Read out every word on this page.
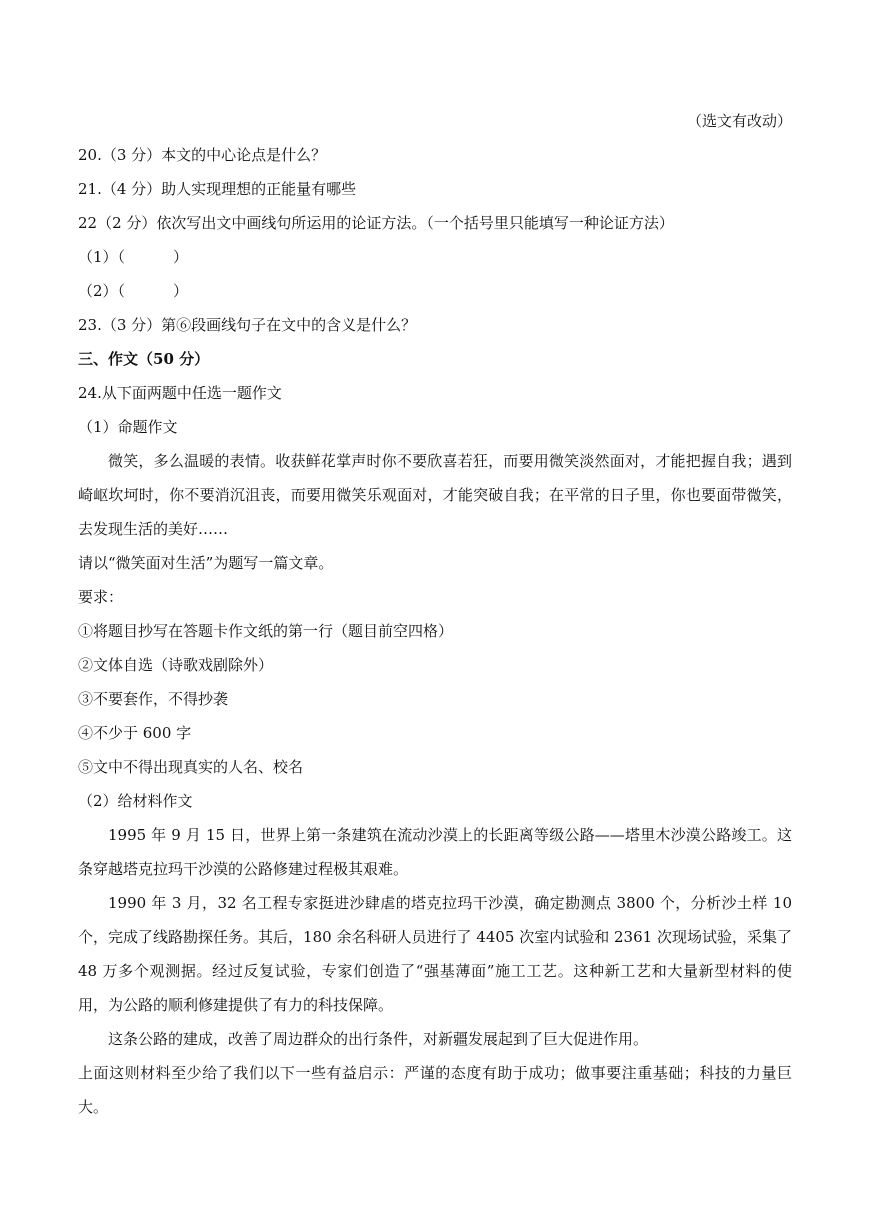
（选文有改动）
20.（3 分）本文的中心论点是什么？
21.（4 分）助人实现理想的正能量有哪些
22（2 分）依次写出文中画线句所运用的论证方法。（一个括号里只能填写一种论证方法）
（1）（	）
（2）（	）
23.（3 分）第⑥段画线句子在文中的含义是什么？
三、作文（50 分）
24.从下面两题中任选一题作文
（1）命题作文

微笑，多么温暖的表情。收获鲜花掌声时你不要欣喜若狂，而要用微笑淡然面对，才能把握自我；遇到崎岖坎坷时，你不要消沉沮丧，而要用微笑乐观面对，才能突破自我；在平常的日子里，你也要面带微笑，去发现生活的美好……

请以“微笑面对生活”为题写一篇文章。
要求：
①将题目抄写在答题卡作文纸的第一行（题目前空四格）
②文体自选（诗歌戏剧除外）
③不要套作，不得抄袭
④不少于 600 字
⑤文中不得出现真实的人名、校名
（2）给材料作文

1995 年 9 月 15 日，世界上第一条建筑在流动沙漠上的长距离等级公路——塔里木沙漠公路竣工。这条穿越塔克拉玛干沙漠的公路修建过程极其艰难。

1990 年 3 月，32 名工程专家挺进沙肆虐的塔克拉玛干沙漠，确定勘测点 3800 个，分析沙土样 10 个，完成了线路勘探任务。其后，180 余名科研人员进行了 4405 次室内试验和 2361 次现场试验，采集了 48 万多个观测据。经过反复试验，专家们创造了“强基薄面”施工工艺。这种新工艺和大量新型材料的使用，为公路的顺利修建提供了有力的科技保障。

这条公路的建成，改善了周边群众的出行条件，对新疆发展起到了巨大促进作用。

上面这则材料至少给了我们以下一些有益启示：严谨的态度有助于成功；做事要注重基础；科技的力量巨大。
